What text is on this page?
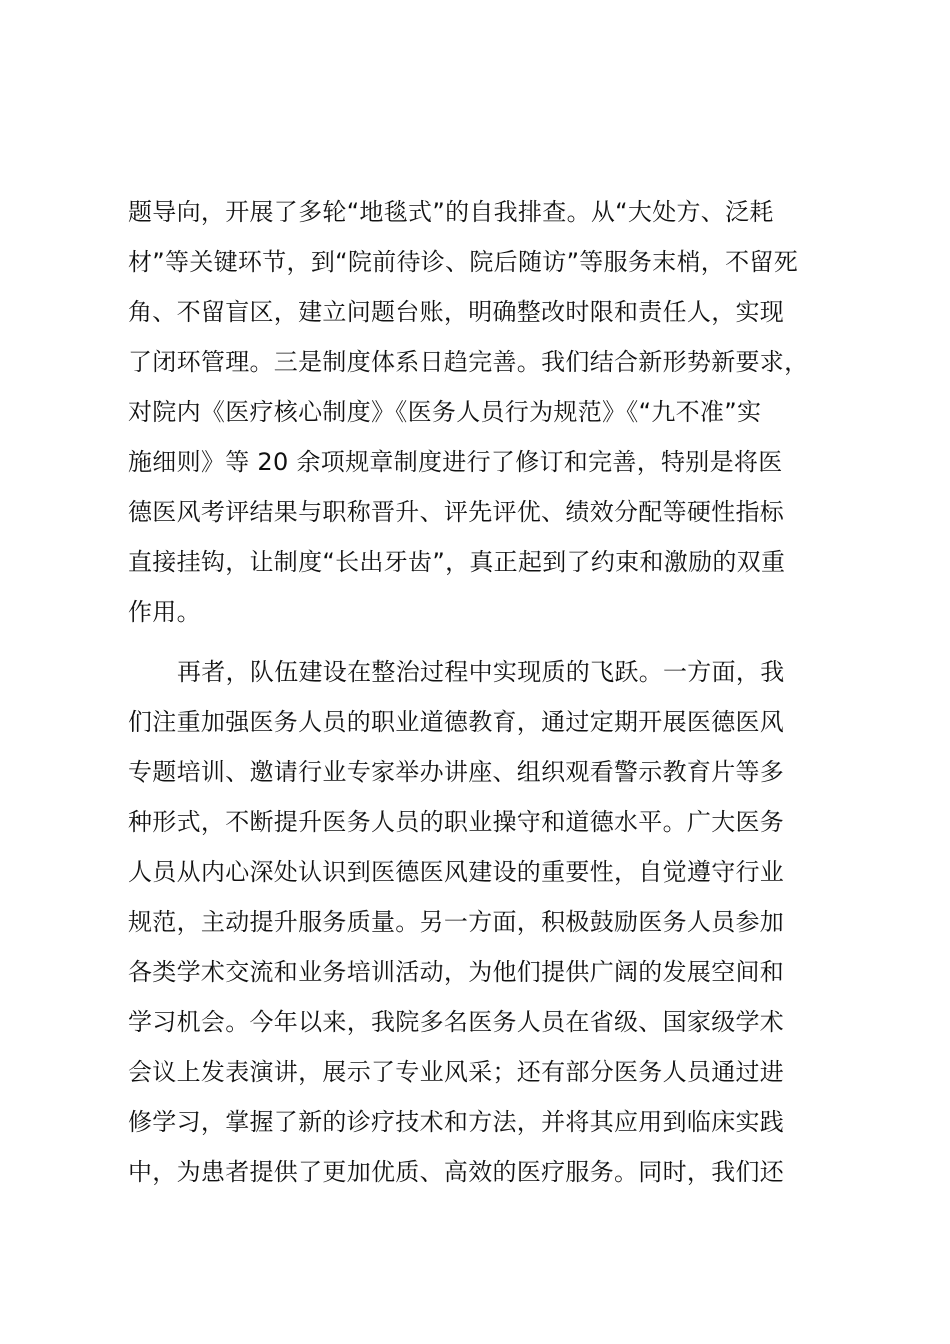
题导向，开展了多轮“地毯式”的自我排查。从“大处方、泛耗
材”等关键环节，到“院前待诊、院后随访”等服务末梢，不留死
角、不留盲区，建立问题台账，明确整改时限和责任人，实现
了闭环管理。三是制度体系日趋完善。我们结合新形势新要求，
对院内《医疗核心制度》《医务人员行为规范》《“九不准”实
施细则》等 20 余项规章制度进行了修订和完善，特别是将医
德医风考评结果与职称晋升、评先评优、绩效分配等硬性指标
直接挂钩，让制度“长出牙齿”，真正起到了约束和激励的双重
作用。
再者，队伍建设在整治过程中实现质的飞跃。一方面，我
们注重加强医务人员的职业道德教育，通过定期开展医德医风
专题培训、邀请行业专家举办讲座、组织观看警示教育片等多
种形式，不断提升医务人员的职业操守和道德水平。广大医务
人员从内心深处认识到医德医风建设的重要性，自觉遵守行业
规范，主动提升服务质量。另一方面，积极鼓励医务人员参加
各类学术交流和业务培训活动，为他们提供广阔的发展空间和
学习机会。今年以来，我院多名医务人员在省级、国家级学术
会议上发表演讲，展示了专业风采；还有部分医务人员通过进
修学习，掌握了新的诊疗技术和方法，并将其应用到临床实践
中，为患者提供了更加优质、高效的医疗服务。同时，我们还
